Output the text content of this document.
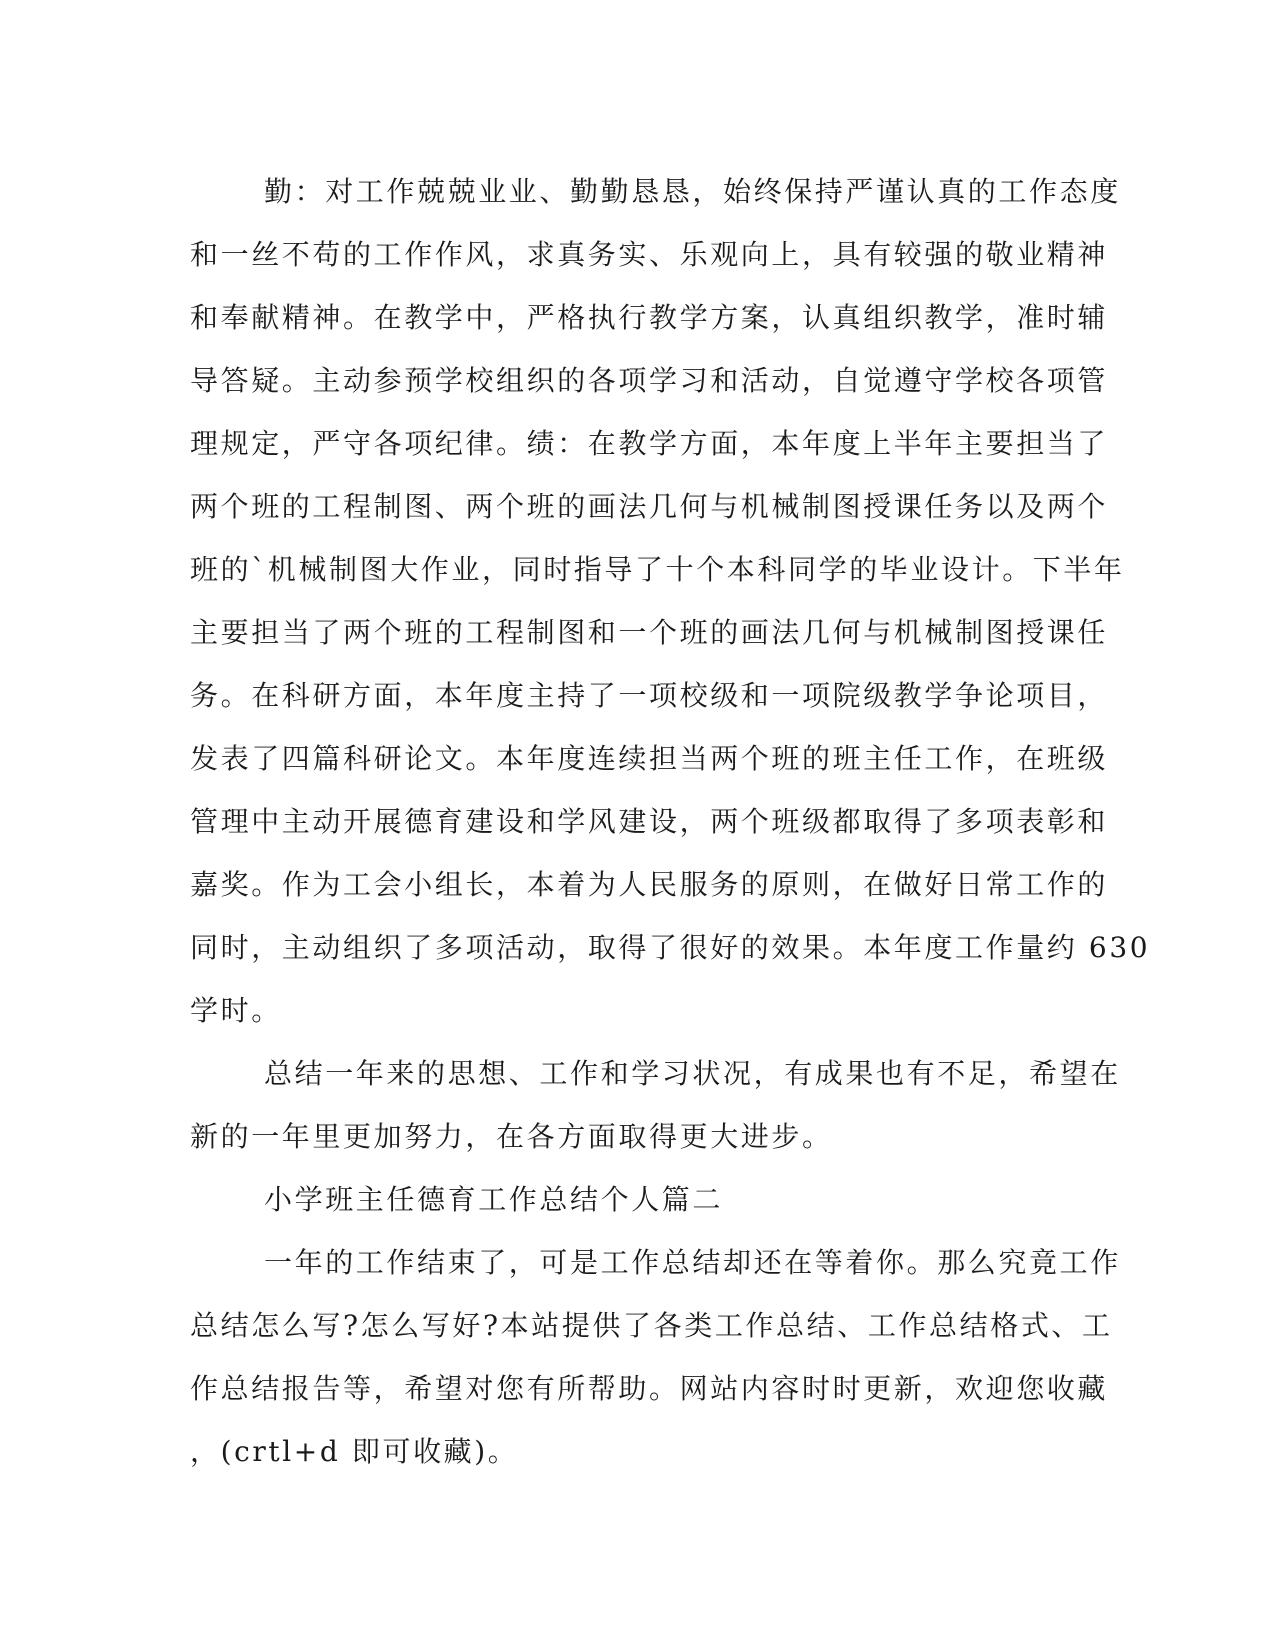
勤：对工作兢兢业业、勤勤恳恳，始终保持严谨认真的工作态度
和一丝不苟的工作作风，求真务实、乐观向上，具有较强的敬业精神
和奉献精神。在教学中，严格执行教学方案，认真组织教学，准时辅
导答疑。主动参预学校组织的各项学习和活动，自觉遵守学校各项管
理规定，严守各项纪律。绩：在教学方面，本年度上半年主要担当了
两个班的工程制图、两个班的画法几何与机械制图授课任务以及两个
班的`机械制图大作业，同时指导了十个本科同学的毕业设计。下半年
主要担当了两个班的工程制图和一个班的画法几何与机械制图授课任
务。在科研方面，本年度主持了一项校级和一项院级教学争论项目，
发表了四篇科研论文。本年度连续担当两个班的班主任工作，在班级
管理中主动开展德育建设和学风建设，两个班级都取得了多项表彰和
嘉奖。作为工会小组长，本着为人民服务的原则，在做好日常工作的
同时，主动组织了多项活动，取得了很好的效果。本年度工作量约 630
学时。
总结一年来的思想、工作和学习状况，有成果也有不足，希望在
新的一年里更加努力，在各方面取得更大进步。
小学班主任德育工作总结个人篇二
一年的工作结束了，可是工作总结却还在等着你。那么究竟工作
总结怎么写?怎么写好?本站提供了各类工作总结、工作总结格式、工
作总结报告等，希望对您有所帮助。网站内容时时更新，欢迎您收藏
，(crtl+d 即可收藏)。
